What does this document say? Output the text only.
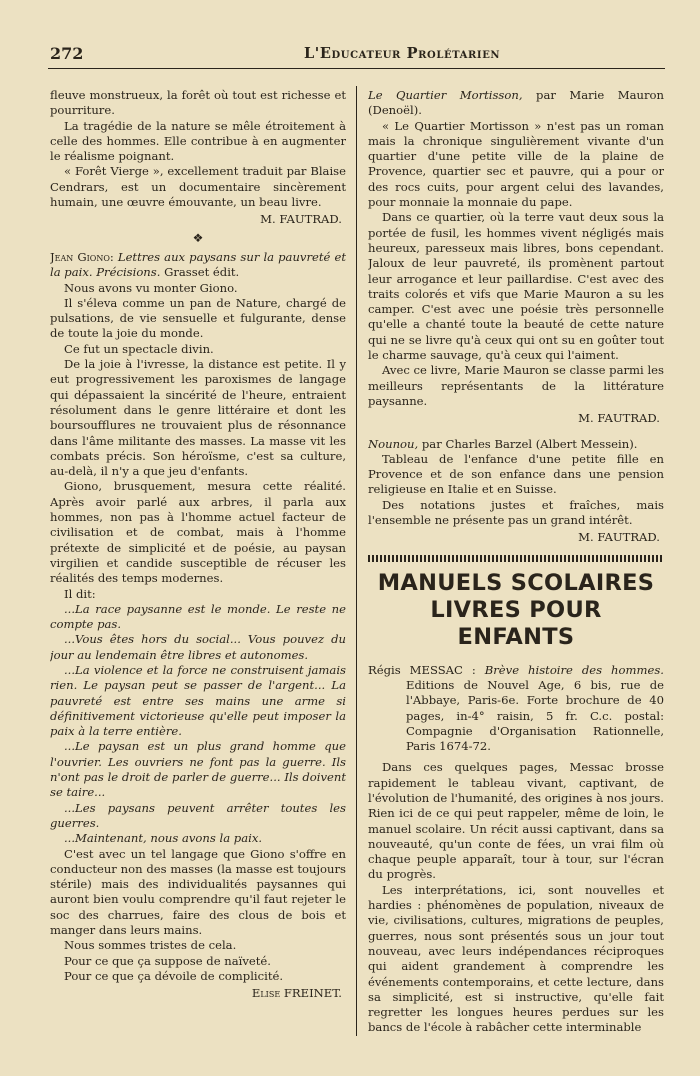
272	L'Educateur Prolétarien

fleuve monstrueux, la forêt où tout est richesse et pourriture.

La tragédie de la nature se mêle étroitement à celle des hommes. Elle contribue à en augmenter le réalisme poignant.

« Forêt Vierge », excellement traduit par Blaise Cendrars, est un documentaire sincèrement humain, une œuvre émouvante, un beau livre.

M. FAUTRAD.

❖

Jean Giono: Lettres aux paysans sur la pauvreté et la paix. Précisions. Grasset édit.

Nous avons vu monter Giono.

Il s'éleva comme un pan de Nature, chargé de pulsations, de vie sensuelle et fulgurante, dense de toute la joie du monde.

Ce fut un spectacle divin.

De la joie à l'ivresse, la distance est petite. Il y eut progressivement les paroxismes de langage qui dépassaient la sincérité de l'heure, entraient résolument dans le genre littéraire et dont les boursoufflures ne trouvaient plus de résonnance dans l'âme militante des masses. La masse vit les combats précis. Son héroïsme, c'est sa culture, au-delà, il n'y a que jeu d'enfants.

Giono, brusquement, mesura cette réalité. Après avoir parlé aux arbres, il parla aux hommes, non pas à l'homme actuel facteur de civilisation et de combat, mais à l'homme prétexte de simplicité et de poésie, au paysan virgilien et candide susceptible de récuser les réalités des temps modernes.

Il dit:

...La race paysanne est le monde. Le reste ne compte pas.

...Vous êtes hors du social... Vous pouvez du jour au lendemain être libres et autonomes.

...La violence et la force ne construisent jamais rien. Le paysan peut se passer de l'argent... La pauvreté est entre ses mains une arme si définitivement victorieuse qu'elle peut imposer la paix à la terre entière.

...Le paysan est un plus grand homme que l'ouvrier. Les ouvriers ne font pas la guerre. Ils n'ont pas le droit de parler de guerre... Ils doivent se taire...

...Les paysans peuvent arrêter toutes les guerres.

...Maintenant, nous avons la paix.

C'est avec un tel langage que Giono s'offre en conducteur non des masses (la masse est toujours stérile) mais des individualités paysannes qui auront bien voulu comprendre qu'il faut rejeter le soc des charrues, faire des clous de bois et manger dans leurs mains.

Nous sommes tristes de cela.

Pour ce que ça suppose de naïveté.

Pour ce que ça dévoile de complicité.

Elise FREINET.

Le Quartier Mortisson, par Marie Mauron (Denoël).

« Le Quartier Mortisson » n'est pas un roman mais la chronique singulièrement vivante d'un quartier d'une petite ville de la plaine de Provence, quartier sec et pauvre, qui a pour or des rocs cuits, pour argent celui des lavandes, pour monnaie la monnaie du pape.

Dans ce quartier, où la terre vaut deux sous la portée de fusil, les hommes vivent négligés mais heureux, paresseux mais libres, bons cependant. Jaloux de leur pauvreté, ils promènent partout leur arrogance et leur paillardise. C'est avec des traits colorés et vifs que Marie Mauron a su les camper. C'est avec une poésie très personnelle qu'elle a chanté toute la beauté de cette nature qui ne se livre qu'à ceux qui ont su en goûter tout le charme sauvage, qu'à ceux qui l'aiment.

Avec ce livre, Marie Mauron se classe parmi les meilleurs représentants de la littérature paysanne.

M. FAUTRAD.

Nounou, par Charles Barzel (Albert Messein).

Tableau de l'enfance d'une petite fille en Provence et de son enfance dans une pension religieuse en Italie et en Suisse.

Des notations justes et fraîches, mais l'ensemble ne présente pas un grand intérêt.

M. FAUTRAD.

MANUELS SCOLAIRES
LIVRES POUR ENFANTS

Régis MESSAC : Brève histoire des hommes. Editions de Nouvel Age, 6 bis, rue de l'Abbaye, Paris-6e. Forte brochure de 40 pages, in-4° raisin, 5 fr. C.c. postal: Compagnie d'Organisation Rationnelle, Paris 1674-72.

Dans ces quelques pages, Messac brosse rapidement le tableau vivant, captivant, de l'évolution de l'humanité, des origines à nos jours. Rien ici de ce qui peut rappeler, même de loin, le manuel scolaire. Un récit aussi captivant, dans sa nouveauté, qu'un conte de fées, un vrai film où chaque peuple apparaît, tour à tour, sur l'écran du progrès.

Les interprétations, ici, sont nouvelles et hardies : phénomènes de population, niveaux de vie, civilisations, cultures, migrations de peuples, guerres, nous sont présentés sous un jour tout nouveau, avec leurs indépendances réciproques qui aident grandement à comprendre les événements contemporains, et cette lecture, dans sa simplicité, est si instructive, qu'elle fait regretter les longues heures perdues sur les bancs de l'école à rabâcher cette interminable
